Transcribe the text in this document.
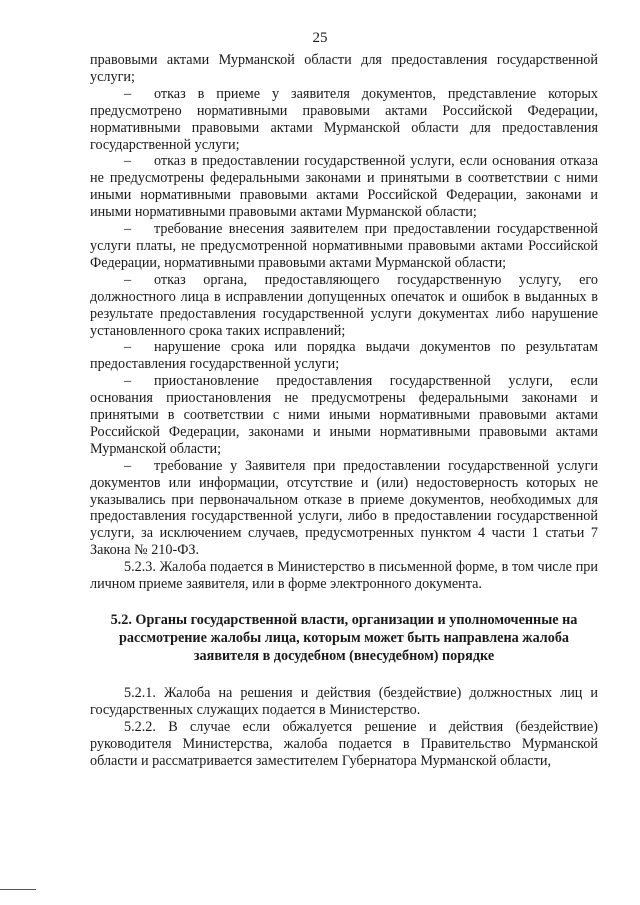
25

правовыми актами Мурманской области для предоставления государственной услуги;

– отказ в приеме у заявителя документов, представление которых предусмотрено нормативными правовыми актами Российской Федерации, нормативными правовыми актами Мурманской области для предоставления государственной услуги;

– отказ в предоставлении государственной услуги, если основания отказа не предусмотрены федеральными законами и принятыми в соответствии с ними иными нормативными правовыми актами Российской Федерации, законами и иными нормативными правовыми актами Мурманской области;

– требование внесения заявителем при предоставлении государственной услуги платы, не предусмотренной нормативными правовыми актами Российской Федерации, нормативными правовыми актами Мурманской области;

– отказ органа, предоставляющего государственную услугу, его должностного лица в исправлении допущенных опечаток и ошибок в выданных в результате предоставления государственной услуги документах либо нарушение установленного срока таких исправлений;

– нарушение срока или порядка выдачи документов по результатам предоставления государственной услуги;

– приостановление предоставления государственной услуги, если основания приостановления не предусмотрены федеральными законами и принятыми в соответствии с ними иными нормативными правовыми актами Российской Федерации, законами и иными нормативными правовыми актами Мурманской области;

– требование у Заявителя при предоставлении государственной услуги документов или информации, отсутствие и (или) недостоверность которых не указывались при первоначальном отказе в приеме документов, необходимых для предоставления государственной услуги, либо в предоставлении государственной услуги, за исключением случаев, предусмотренных пунктом 4 части 1 статьи 7 Закона № 210-ФЗ.

5.2.3. Жалоба подается в Министерство в письменной форме, в том числе при личном приеме заявителя, или в форме электронного документа.

5.2. Органы государственной власти, организации и уполномоченные на рассмотрение жалобы лица, которым может быть направлена жалоба заявителя в досудебном (внесудебном) порядке

5.2.1. Жалоба на решения и действия (бездействие) должностных лиц и государственных служащих подается в Министерство.

5.2.2. В случае если обжалуется решение и действия (бездействие) руководителя Министерства, жалоба подается в Правительство Мурманской области и рассматривается заместителем Губернатора Мурманской области,
